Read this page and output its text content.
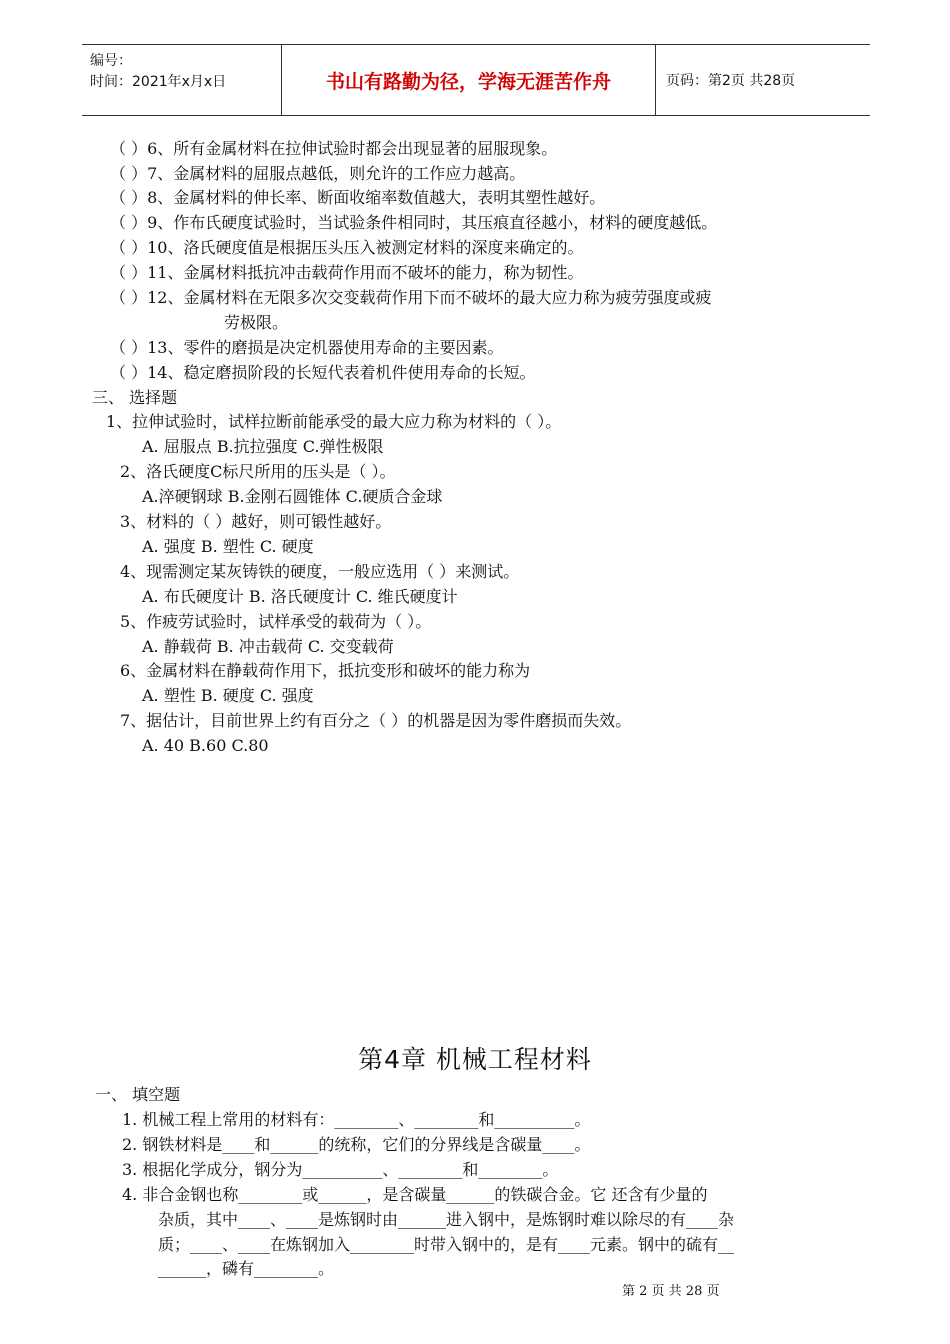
编号：
时间：2021年x月x日	书山有路勤为径，学海无涯苦作舟	页码：第2页 共28页
（ ）6、所有金属材料在拉伸试验时都会出现显著的屈服现象。
（ ）7、金属材料的屈服点越低，则允许的工作应力越高。
（ ）8、金属材料的伸长率、断面收缩率数值越大，表明其塑性越好。
（ ）9、作布氏硬度试验时，当试验条件相同时，其压痕直径越小，材料的硬度越低。
（ ）10、洛氏硬度值是根据压头压入被测定材料的深度来确定的。
（ ）11、金属材料抵抗冲击载荷作用而不破坏的能力，称为韧性。
（ ）12、金属材料在无限多次交变载荷作用下而不破坏的最大应力称为疲劳强度或疲
劳极限。
（ ）13、零件的磨损是决定机器使用寿命的主要因素。
（ ）14、稳定磨损阶段的长短代表着机件使用寿命的长短。
三、 选择题
1、拉伸试验时，试样拉断前能承受的最大应力称为材料的（ ）。
A. 屈服点 B.抗拉强度 C.弹性极限
2、洛氏硬度C标尺所用的压头是（ ）。
A.淬硬钢球 B.金刚石圆锥体 C.硬质合金球
3、材料的（ ）越好，则可锻性越好。
A. 强度 B. 塑性 C. 硬度
4、现需测定某灰铸铁的硬度，一般应选用（ ）来测试。
A. 布氏硬度计 B. 洛氏硬度计 C. 维氏硬度计
5、作疲劳试验时，试样承受的载荷为（ ）。
A. 静载荷 B. 冲击载荷 C. 交变载荷
6、金属材料在静载荷作用下，抵抗变形和破坏的能力称为
A. 塑性 B. 硬度 C. 强度
7、据估计，目前世界上约有百分之（ ）的机器是因为零件磨损而失效。
A. 40 B.60 C.80
第4章 机械工程材料
一、 填空题
1. 机械工程上常用的材料有：________、________和__________。
2. 钢铁材料是____和______的统称，它们的分界线是含碳量____。
3. 根据化学成分，钢分为__________、________和________。
4. 非合金钢也称________或______，是含碳量______的铁碳合金。它 还含有少量的
杂质，其中____、____是炼钢时由______进入钢中，是炼钢时难以除尽的有____杂
质；____、____在炼钢加入________时带入钢中的，是有____元素。钢中的硫有__
______，磷有________。
第 2 页 共 28 页
